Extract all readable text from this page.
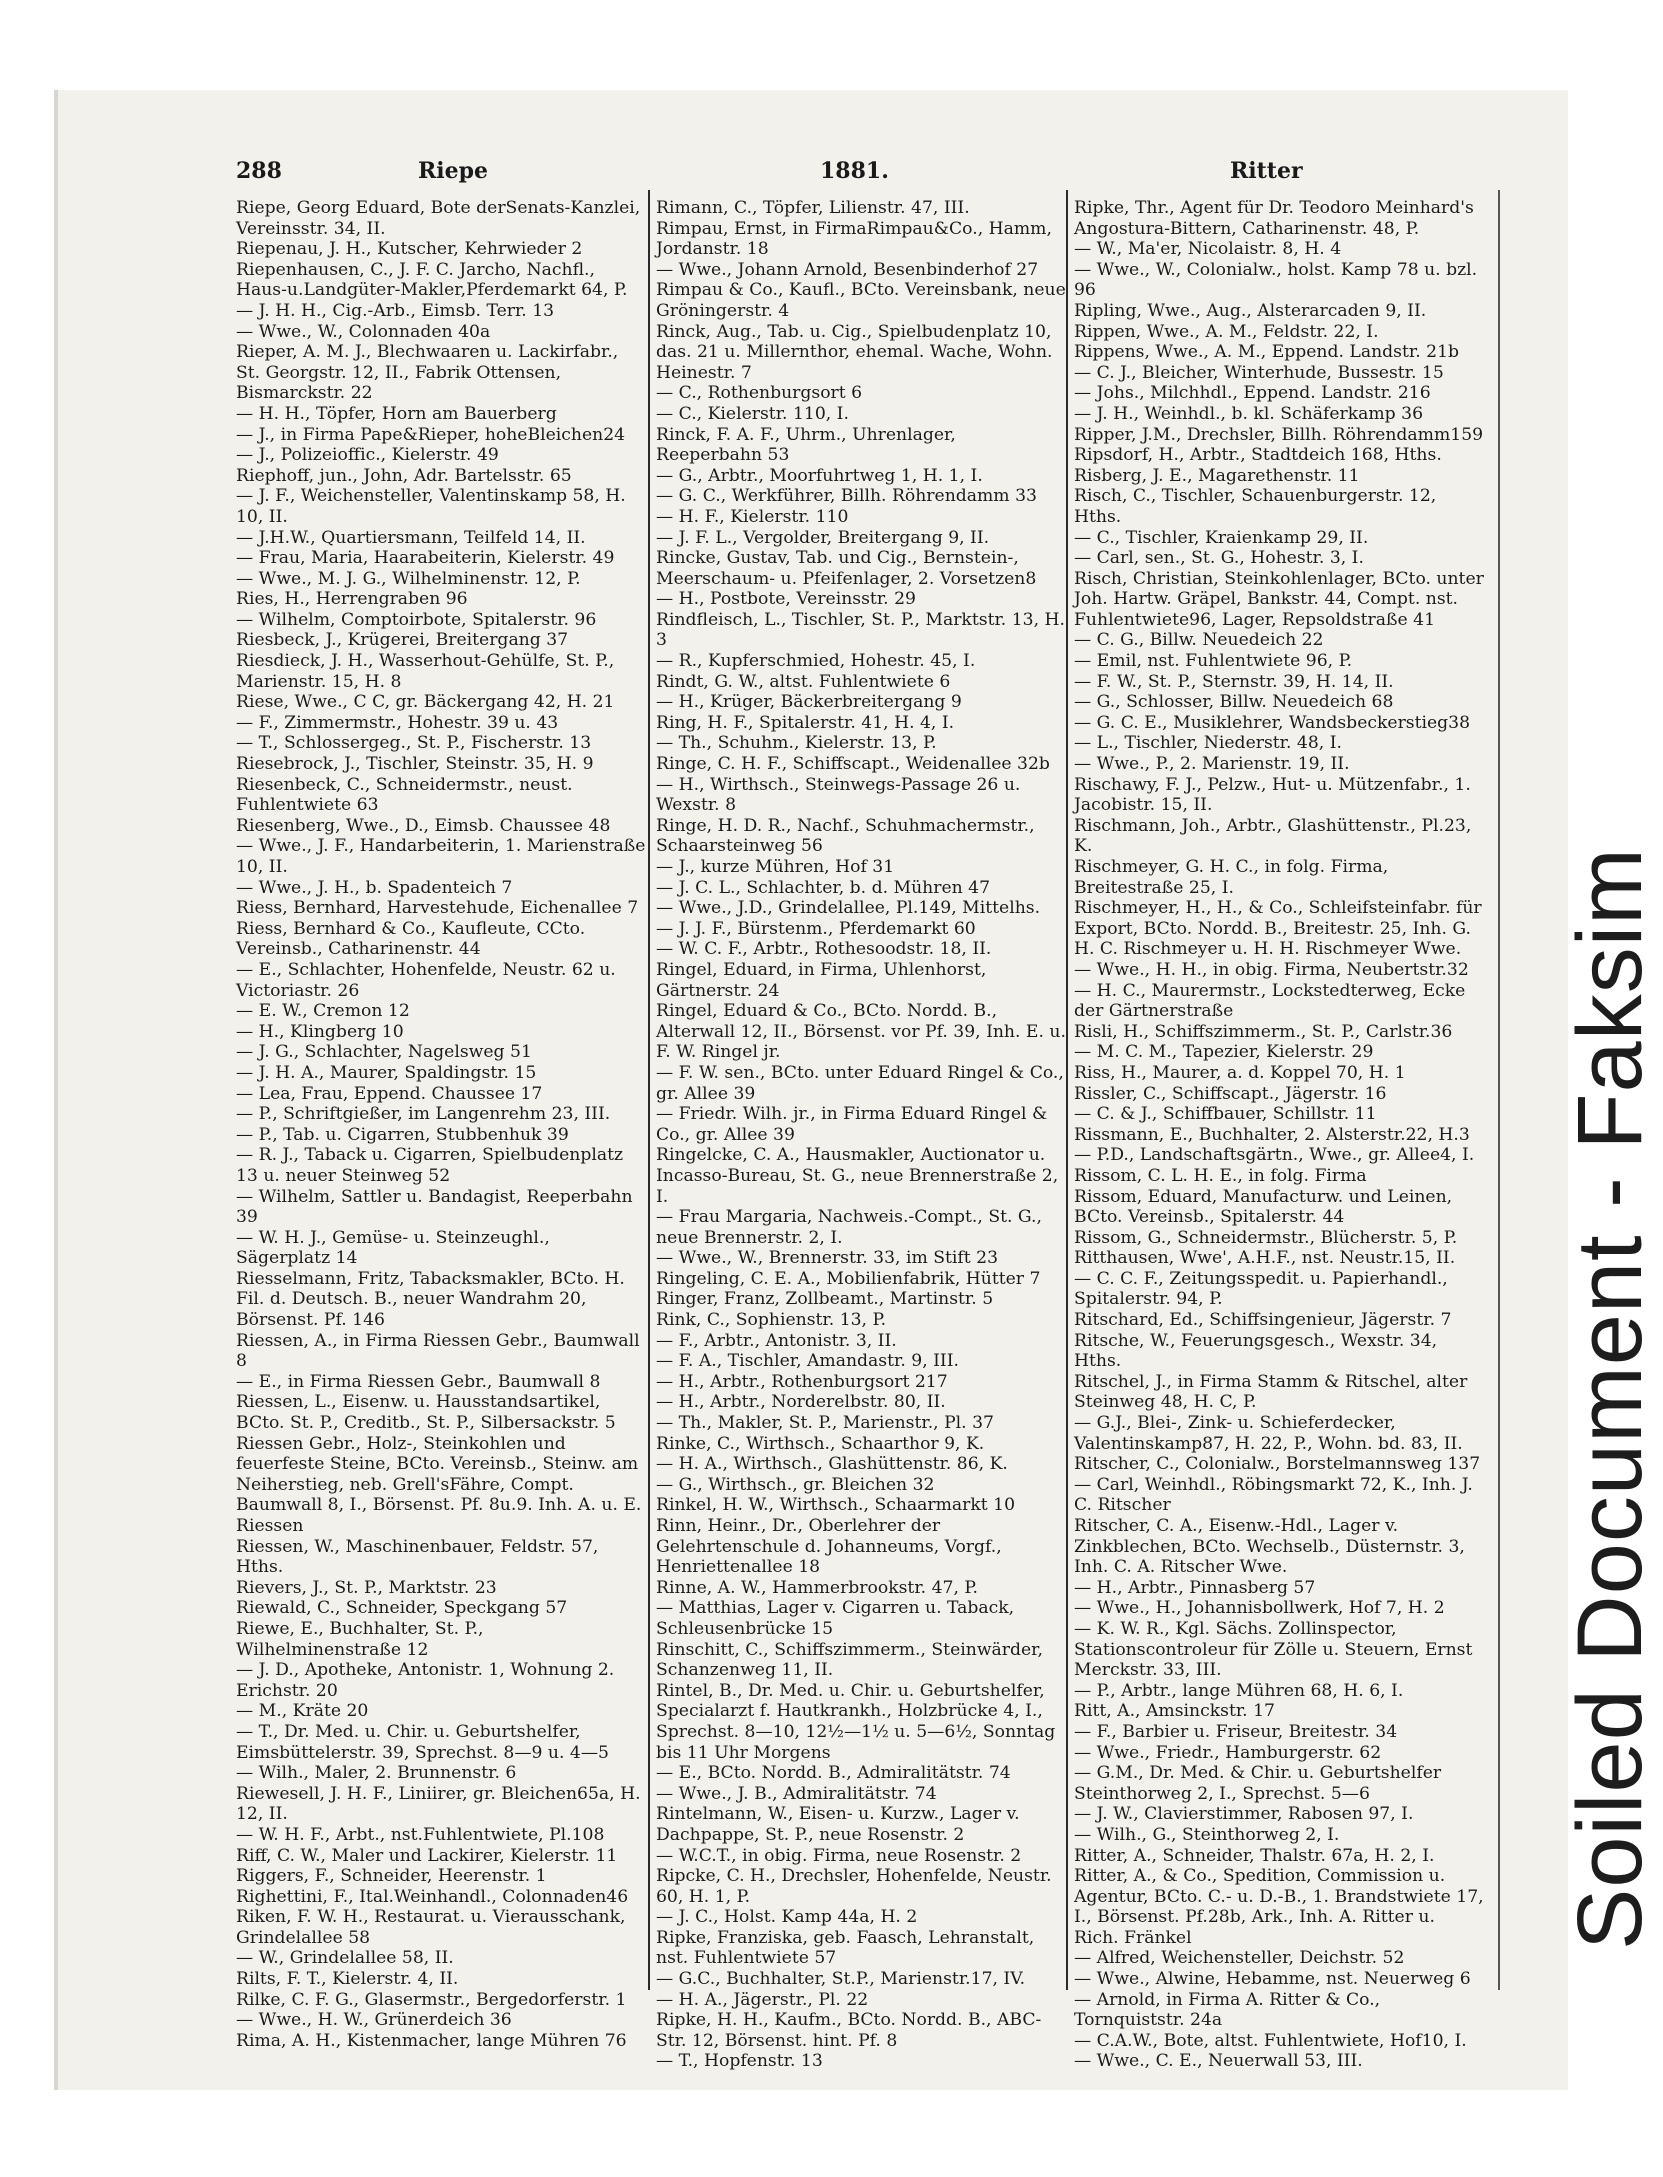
288	Riepe	1881.	Ritter
Riepe, Georg Eduard, Bote derSenats-Kanzlei, Vereinsstr. 34, II.
Riepenau, J. H., Kutscher, Kehrwieder 2
Riepenhausen, C., J. F. C. Jarcho, Nachfl., Haus-u.Landgüter-Makler,Pferdemarkt 64, P.
— J. H. H., Cig.-Arb., Eimsb. Terr. 13
— Wwe., W., Colonnaden 40a
Rieper, A. M. J., Blechwaaren u. Lackirfabr., St. Georgstr. 12, II., Fabrik Ottensen, Bismarckstr. 22
— H. H., Töpfer, Horn am Bauerberg
— J., in Firma Pape&Rieper, hoheBleichen24
— J., Polizeioffic., Kielerstr. 49
Riephoff, jun., John, Adr. Bartelsstr. 65
— J. F., Weichensteller, Valentinskamp 58, H. 10, II.
— J.H.W., Quartiersmann, Teilfeld 14, II.
— Frau, Maria, Haarabeiterin, Kielerstr. 49
— Wwe., M. J. G., Wilhelminenstr. 12, P.
Ries, H., Herrengraben 96
— Wilhelm, Comptoirbote, Spitalerstr. 96
Riesbeck, J., Krügerei, Breitergang 37
Riesdieck, J. H., Wasserhout-Gehülfe, St. P., Marienstr. 15, H. 8
Riese, Wwe., C C, gr. Bäckergang 42, H. 21
— F., Zimmermstr., Hohestr. 39 u. 43
— T., Schlossergeg., St. P., Fischerstr. 13
Riesebrock, J., Tischler, Steinstr. 35, H. 9
Riesenbeck, C., Schneidermstr., neust. Fuhlentwiete 63
Riesenberg, Wwe., D., Eimsb. Chaussee 48
— Wwe., J. F., Handarbeiterin, 1. Marienstraße 10, II.
— Wwe., J. H., b. Spadenteich 7
Riess, Bernhard, Harvestehude, Eichenallee 7
Riess, Bernhard & Co., Kaufleute, CCto. Vereinsb., Catharinenstr. 44
— E., Schlachter, Hohenfelde, Neustr. 62 u. Victoriastr. 26
— E. W., Cremon 12
— H., Klingberg 10
— J. G., Schlachter, Nagelsweg 51
— J. H. A., Maurer, Spaldingstr. 15
— Lea, Frau, Eppend. Chaussee 17
— P., Schriftgießer, im Langenrehm 23, III.
— P., Tab. u. Cigarren, Stubbenhuk 39
— R. J., Taback u. Cigarren, Spielbudenplatz 13 u. neuer Steinweg 52
— Wilhelm, Sattler u. Bandagist, Reeperbahn 39
— W. H. J., Gemüse- u. Steinzeughl., Sägerplatz 14
Riesselmann, Fritz, Tabacksmakler, BCto. H. Fil. d. Deutsch. B., neuer Wandrahm 20, Börsenst. Pf. 146
Riessen, A., in Firma Riessen Gebr., Baumwall 8
— E., in Firma Riessen Gebr., Baumwall 8
Riessen, L., Eisenw. u. Hausstandsartikel, BCto. St. P., Creditb., St. P., Silbersackstr. 5
Riessen Gebr., Holz-, Steinkohlen und feuerfeste Steine, BCto. Vereinsb., Steinw. am Neiherstieg, neb. Grell'sFähre, Compt. Baumwall 8, I., Börsenst. Pf. 8u.9. Inh. A. u. E. Riessen
Riessen, W., Maschinenbauer, Feldstr. 57, Hths.
Rievers, J., St. P., Marktstr. 23
Riewald, C., Schneider, Speckgang 57
Riewe, E., Buchhalter, St. P., Wilhelminenstraße 12
— J. D., Apotheke, Antonistr. 1, Wohnung 2. Erichstr. 20
— M., Kräte 20
— T., Dr. Med. u. Chir. u. Geburtshelfer, Eimsbüttelerstr. 39, Sprechst. 8—9 u. 4—5
— Wilh., Maler, 2. Brunnenstr. 6
Riewesell, J. H. F., Liniirer, gr. Bleichen65a, H. 12, II.
— W. H. F., Arbt., nst.Fuhlentwiete, Pl.108
Riff, C. W., Maler und Lackirer, Kielerstr. 11
Riggers, F., Schneider, Heerenstr. 1
Righettini, F., Ital.Weinhandl., Colonnaden46
Riken, F. W. H., Restaurat. u. Vierausschank, Grindelallee 58
— W., Grindelallee 58, II.
Rilts, F. T., Kielerstr. 4, II.
Rilke, C. F. G., Glasermstr., Bergedorferstr. 1
— Wwe., H. W., Grünerdeich 36
Rima, A. H., Kistenmacher, lange Mühren 76
Rimann, C., Töpfer, Lilienstr. 47, III.
Rimpau, Ernst, in FirmaRimpau&Co., Hamm, Jordanstr. 18
— Wwe., Johann Arnold, Besenbinderhof 27
Rimpau & Co., Kaufl., BCto. Vereinsbank, neue Gröningerstr. 4
Rinck, Aug., Tab. u. Cig., Spielbudenplatz 10, das. 21 u. Millernthor, ehemal. Wache, Wohn. Heinestr. 7
— C., Rothenburgsort 6
— C., Kielerstr. 110, I.
Rinck, F. A. F., Uhrm., Uhrenlager, Reeperbahn 53
— G., Arbtr., Moorfuhrtweg 1, H. 1, I.
— G. C., Werkführer, Billh. Röhrendamm 33
— H. F., Kielerstr. 110
— J. F. L., Vergolder, Breitergang 9, II.
Rincke, Gustav, Tab. und Cig., Bernstein-, Meerschaum- u. Pfeifenlager, 2. Vorsetzen8
— H., Postbote, Vereinsstr. 29
Rindfleisch, L., Tischler, St. P., Marktstr. 13, H. 3
— R., Kupferschmied, Hohestr. 45, I.
Rindt, G. W., altst. Fuhlentwiete 6
— H., Krüger, Bäckerbreitergang 9
Ring, H. F., Spitalerstr. 41, H. 4, I.
— Th., Schuhm., Kielerstr. 13, P.
Ringe, C. H. F., Schiffscapt., Weidenallee 32b
— H., Wirthsch., Steinwegs-Passage 26 u. Wexstr. 8
Ringe, H. D. R., Nachf., Schuhmachermstr., Schaarsteinweg 56
— J., kurze Mühren, Hof 31
— J. C. L., Schlachter, b. d. Mühren 47
— Wwe., J.D., Grindelallee, Pl.149, Mittelhs.
— J. J. F., Bürstenm., Pferdemarkt 60
— W. C. F., Arbtr., Rothesoodstr. 18, II.
Ringel, Eduard, in Firma, Uhlenhorst, Gärtnerstr. 24
Ringel, Eduard & Co., BCto. Nordd. B., Alterwall 12, II., Börsenst. vor Pf. 39, Inh. E. u. F. W. Ringel jr.
— F. W. sen., BCto. unter Eduard Ringel & Co., gr. Allee 39
— Friedr. Wilh. jr., in Firma Eduard Ringel & Co., gr. Allee 39
Ringelcke, C. A., Hausmakler, Auctionator u. Incasso-Bureau, St. G., neue Brennerstraße 2, I.
— Frau Margaria, Nachweis.-Compt., St. G., neue Brennerstr. 2, I.
— Wwe., W., Brennerstr. 33, im Stift 23
Ringeling, C. E. A., Mobilienfabrik, Hütter 7
Ringer, Franz, Zollbeamt., Martinstr. 5
Rink, C., Sophienstr. 13, P.
— F., Arbtr., Antonistr. 3, II.
— F. A., Tischler, Amandastr. 9, III.
— H., Arbtr., Rothenburgsort 217
— H., Arbtr., Norderelbstr. 80, II.
— Th., Makler, St. P., Marienstr., Pl. 37
Rinke, C., Wirthsch., Schaarthor 9, K.
— H. A., Wirthsch., Glashüttenstr. 86, K.
— G., Wirthsch., gr. Bleichen 32
Rinkel, H. W., Wirthsch., Schaarmarkt 10
Rinn, Heinr., Dr., Oberlehrer der Gelehrtenschule d. Johanneums, Vorgf., Henriettenallee 18
Rinne, A. W., Hammerbrookstr. 47, P.
— Matthias, Lager v. Cigarren u. Taback, Schleusenbrücke 15
Rinschitt, C., Schiffszimmerm., Steinwärder, Schanzenweg 11, II.
Rintel, B., Dr. Med. u. Chir. u. Geburtshelfer, Specialarzt f. Hautkrankh., Holzbrücke 4, I., Sprechst. 8—10, 12½—1½ u. 5—6½, Sonntag bis 11 Uhr Morgens
— E., BCto. Nordd. B., Admiralitätstr. 74
— Wwe., J. B., Admiralitätstr. 74
Rintelmann, W., Eisen- u. Kurzw., Lager v. Dachpappe, St. P., neue Rosenstr. 2
— W.C.T., in obig. Firma, neue Rosenstr. 2
Ripcke, C. H., Drechsler, Hohenfelde, Neustr. 60, H. 1, P.
— J. C., Holst. Kamp 44a, H. 2
Ripke, Franziska, geb. Faasch, Lehranstalt, nst. Fuhlentwiete 57
— G.C., Buchhalter, St.P., Marienstr.17, IV.
— H. A., Jägerstr., Pl. 22
Ripke, H. H., Kaufm., BCto. Nordd. B., ABC-Str. 12, Börsenst. hint. Pf. 8
— T., Hopfenstr. 13
Ripke, Thr., Agent für Dr. Teodoro Meinhard's Angostura-Bittern, Catharinenstr. 48, P.
— W., Ma'er, Nicolaistr. 8, H. 4
— Wwe., W., Colonialw., holst. Kamp 78 u. bzl. 96
Ripling, Wwe., Aug., Alsterarcaden 9, II.
Rippen, Wwe., A. M., Feldstr. 22, I.
Rippens, Wwe., A. M., Eppend. Landstr. 21b
— C. J., Bleicher, Winterhude, Bussestr. 15
— Johs., Milchhdl., Eppend. Landstr. 216
— J. H., Weinhdl., b. kl. Schäferkamp 36
Ripper, J.M., Drechsler, Billh. Röhrendamm159
Ripsdorf, H., Arbtr., Stadtdeich 168, Hths.
Risberg, J. E., Magarethenstr. 11
Risch, C., Tischler, Schauenburgerstr. 12, Hths.
— C., Tischler, Kraienkamp 29, II.
— Carl, sen., St. G., Hohestr. 3, I.
Risch, Christian, Steinkohlenlager, BCto. unter Joh. Hartw. Gräpel, Bankstr. 44, Compt. nst. Fuhlentwiete96, Lager, Repsoldstraße 41
— C. G., Billw. Neuedeich 22
— Emil, nst. Fuhlentwiete 96, P.
— F. W., St. P., Sternstr. 39, H. 14, II.
— G., Schlosser, Billw. Neuedeich 68
— G. C. E., Musiklehrer, Wandsbeckerstieg38
— L., Tischler, Niederstr. 48, I.
— Wwe., P., 2. Marienstr. 19, II.
Rischawy, F. J., Pelzw., Hut- u. Mützenfabr., 1. Jacobistr. 15, II.
Rischmann, Joh., Arbtr., Glashüttenstr., Pl.23, K.
Rischmeyer, G. H. C., in folg. Firma, Breitestraße 25, I.
Rischmeyer, H., H., & Co., Schleifsteinfabr. für Export, BCto. Nordd. B., Breitestr. 25, Inh. G. H. C. Rischmeyer u. H. H. Rischmeyer Wwe.
— Wwe., H. H., in obig. Firma, Neubertstr.32
— H. C., Maurermstr., Lockstedterweg, Ecke der Gärtnerstraße
Risli, H., Schiffszimmerm., St. P., Carlstr.36
— M. C. M., Tapezier, Kielerstr. 29
Riss, H., Maurer, a. d. Koppel 70, H. 1
Rissler, C., Schiffscapt., Jägerstr. 16
— C. & J., Schiffbauer, Schillstr. 11
Rissmann, E., Buchhalter, 2. Alsterstr.22, H.3
— P.D., Landschaftsgärtn., Wwe., gr. Allee4, I.
Rissom, C. L. H. E., in folg. Firma
Rissom, Eduard, Manufacturw. und Leinen, BCto. Vereinsb., Spitalerstr. 44
Rissom, G., Schneidermstr., Blücherstr. 5, P.
Ritthausen, Wwe', A.H.F., nst. Neustr.15, II.
— C. C. F., Zeitungsspedit. u. Papierhandl., Spitalerstr. 94, P.
Ritschard, Ed., Schiffsingenieur, Jägerstr. 7
Ritsche, W., Feuerungsgesch., Wexstr. 34, Hths.
Ritschel, J., in Firma Stamm & Ritschel, alter Steinweg 48, H. C, P.
— G.J., Blei-, Zink- u. Schieferdecker, Valentinskamp87, H. 22, P., Wohn. bd. 83, II.
Ritscher, C., Colonialw., Borstelmannsweg 137
— Carl, Weinhdl., Röbingsmarkt 72, K., Inh. J. C. Ritscher
Ritscher, C. A., Eisenw.-Hdl., Lager v. Zinkblechen, BCto. Wechselb., Düsternstr. 3, Inh. C. A. Ritscher Wwe.
— H., Arbtr., Pinnasberg 57
— Wwe., H., Johannisbollwerk, Hof 7, H. 2
— K. W. R., Kgl. Sächs. Zollinspector, Stationscontroleur für Zölle u. Steuern, Ernst Merckstr. 33, III.
— P., Arbtr., lange Mühren 68, H. 6, I.
Ritt, A., Amsinckstr. 17
— F., Barbier u. Friseur, Breitestr. 34
— Wwe., Friedr., Hamburgerstr. 62
— G.M., Dr. Med. & Chir. u. Geburtshelfer Steinthorweg 2, I., Sprechst. 5—6
— J. W., Clavierstimmer, Rabosen 97, I.
— Wilh., G., Steinthorweg 2, I.
Ritter, A., Schneider, Thalstr. 67a, H. 2, I.
Ritter, A., & Co., Spedition, Commission u. Agentur, BCto. C.- u. D.-B., 1. Brandstwiete 17, I., Börsenst. Pf.28b, Ark., Inh. A. Ritter u. Rich. Fränkel
— Alfred, Weichensteller, Deichstr. 52
— Wwe., Alwine, Hebamme, nst. Neuerweg 6
— Arnold, in Firma A. Ritter & Co., Tornquiststr. 24a
— C.A.W., Bote, altst. Fuhlentwiete, Hof10, I.
— Wwe., C. E., Neuerwall 53, III.
Soiled Document - Faksim
